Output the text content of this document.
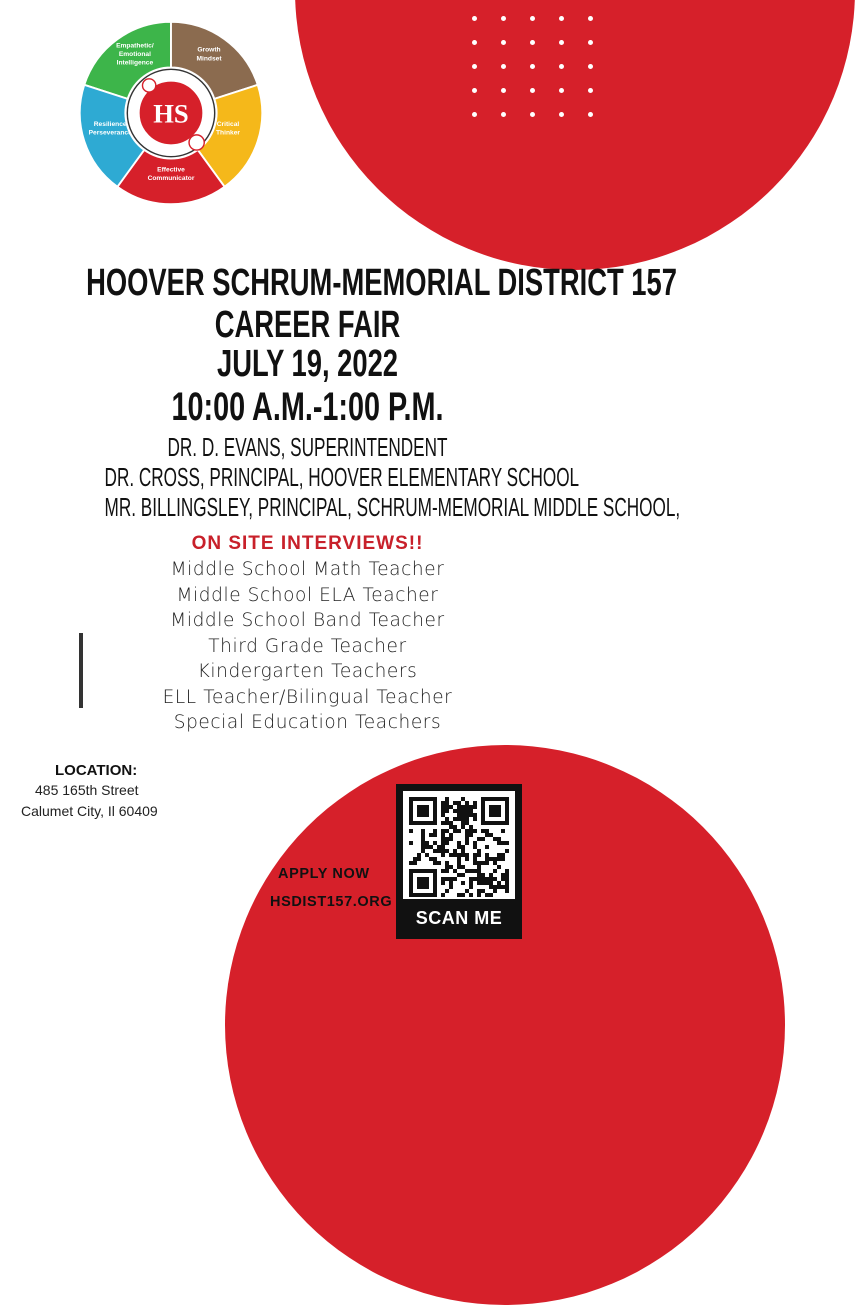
Empathetic/
Emotional
Intelligence
Growth
Mindset
Critical
Thinker
Effective
Communicator
Resilience
Perseverance
HS
HOOVER SCHRUM-MEMORIAL DISTRICT 157
CAREER FAIR
JULY 19, 2022
10:00 A.M.-1:00 P.M.
DR. D. EVANS, SUPERINTENDENT
DR. CROSS, PRINCIPAL, HOOVER ELEMENTARY SCHOOL
MR. BILLINGSLEY, PRINCIPAL, SCHRUM-MEMORIAL MIDDLE SCHOOL,
ON SITE INTERVIEWS!!
Middle School Math Teacher
Middle School ELA Teacher
Middle School Band Teacher
Third Grade Teacher
Kindergarten Teachers
ELL Teacher/Bilingual Teacher
Special Education Teachers
LOCATION:
485 165th Street
Calumet City, Il 60409
APPLY NOW
HSDIST157.ORG
SCAN ME
